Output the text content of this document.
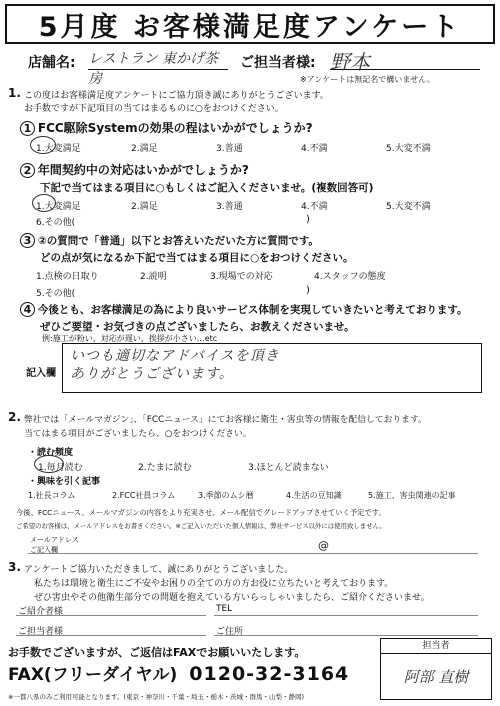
5月度 お客様満足度アンケート
店舗名: レストラン 東かげ茶房
ご担当者様: 野本
※アンケートは無記名で構いません。
1. この度はお客様満足度アンケートにご協力頂き誠にありがとうございます。
お手数ですが下記項目の当てはまるものに○をおつけください。
1 FCC駆除Systemの効果の程はいかがでしょうか?
1.大変満足	2.満足	3.普通	4.不満	5.大変不満
2 年間契約中の対応はいかがでしょうか?
下記で当てはまる項目に○もしくはご記入くださいませ。(複数回答可)
1.大変満足	2.満足	3.普通	4.不満	5.大変不満
6.その他(	)
3 ②の質問で「普通」以下とお答えいただいた方に質問です。
どの点が気になるか下記で当てはまる項目に○をおつけください。
1.点検の日取り	2.説明	3.現場での対応	4.スタッフの態度
5.その他(	)
4 今後とも、お客様満足の為により良いサービス体制を実現していきたいと考えております。
ぜひご要望・お気づきの点ございましたら、お教えくださいませ。
例:施工が粉い、対応が遅い、挨拶が小さい…etc
記入欄
いつも適切なアドバイスを頂き
ありがとうございます。
2. 弊社では「メールマガジン」、「FCCニュース」にてお客様に衛生・害虫等の情報を配信しております。
当てはまる項目がございましたら、○をおつけください。
・読む頻度
1.毎月読む	2.たまに読む	3.ほとんど読まない
・興味を引く記事
1.社長コラム	2.FCC社員コラム	3.季節のムシ暦	4.生活の豆知識	5.施工、害虫関連の記事
今後、FCCニュース、メールマガジンの内容をより充実させ、メール配信でグレードアップさせていく予定です。
ご希望のお客様は、メールアドレスをお書きください。※ご記入いただいた個人情報は、弊社サービス以外には使用致しません。
メールアドレス
ご記入欄	@
3. アンケートご協力いただきまして、誠にありがとうございました。
私たちは環境と衛生にご不安やお困りの全ての方の方お役に立ちたいと考えております。
ぜひ害虫やその他衛生部分での問題を抱えている方いらっしゃいましたら、ご紹介くださいませ。
ご紹介者様	TEL
ご担当者様	ご住所
お手数でございますが、ご返信はFAXでお願いいたします。
FAX(フリーダイヤル) 0120-32-3164
※一都八県のみご利用可能となります。(東京・神奈川・千葉・埼玉・栃木・茨城・群馬・山梨・静岡)
担当者
阿部 直樹
